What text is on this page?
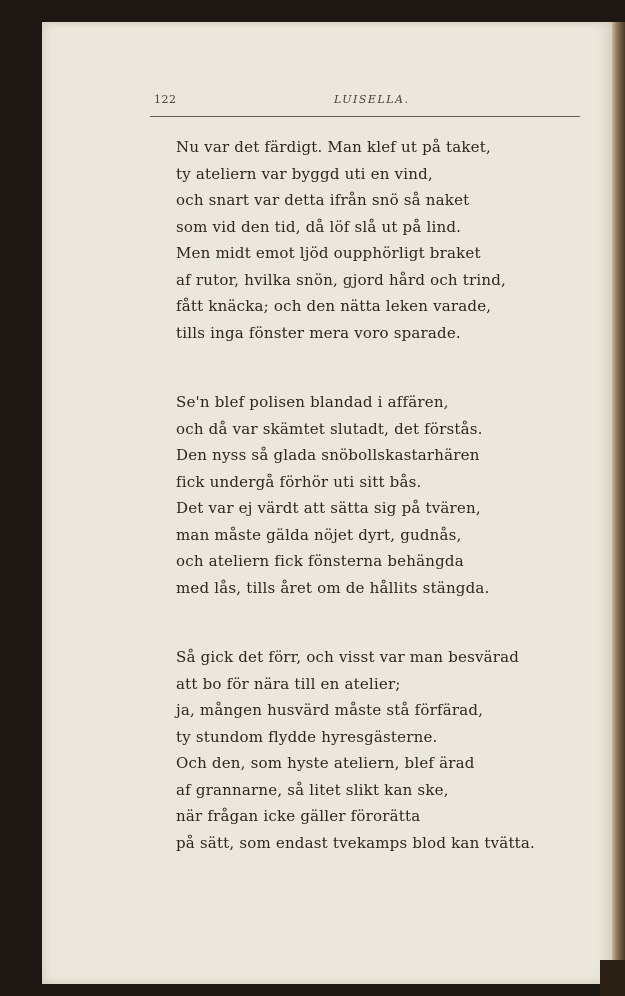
122	LUISELLA.
Nu var det färdigt. Man klef ut på taket,
ty ateliern var byggd uti en vind,
och snart var detta ifrån snö så naket
som vid den tid, då löf slå ut på lind.
Men midt emot ljöd oupphörligt braket
af rutor, hvilka snön, gjord hård och trind,
fått knäcka; och den nätta leken varade,
tills inga fönster mera voro sparade.
Se'n blef polisen blandad i affären,
och då var skämtet slutadt, det förstås.
Den nyss så glada snöbollskastarhären
fick undergå förhör uti sitt bås.
Det var ej värdt att sätta sig på tvären,
man måste gälda nöjet dyrt, gudnås,
och ateliern fick fönsterna behängda
med lås, tills året om de hållits stängda.
Så gick det förr, och visst var man besvärad
att bo för nära till en atelier;
ja, mången husvärd måste stå förfärad,
ty stundom flydde hyresgästerne.
Och den, som hyste ateliern, blef ärad
af grannarne, så litet slikt kan ske,
när frågan icke gäller förorätta
på sätt, som endast tvekamps blod kan tvätta.
